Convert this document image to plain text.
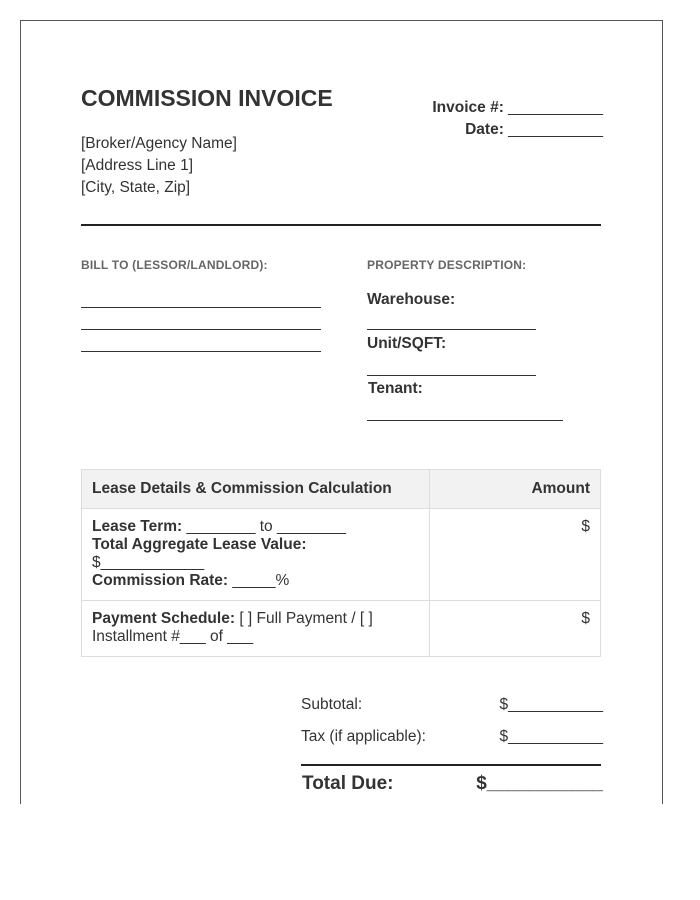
COMMISSION INVOICE
[Broker/Agency Name]
[Address Line 1]
[City, State, Zip]
Invoice #: ___________
Date: ___________
BILL TO (LESSOR/LANDLORD):	PROPERTY DESCRIPTION:
Warehouse:
Unit/SQFT:
Tenant:
Lease Details & Commission Calculation	Amount

Lease Term: ________ to ________
Total Aggregate Lease Value:
$____________
Commission Rate: _____%	$
Payment Schedule: [ ] Full Payment / [ ] Installment #___ of ___	$
Subtotal:	$___________
Tax (if applicable):	$___________
Total Due:	$___________
